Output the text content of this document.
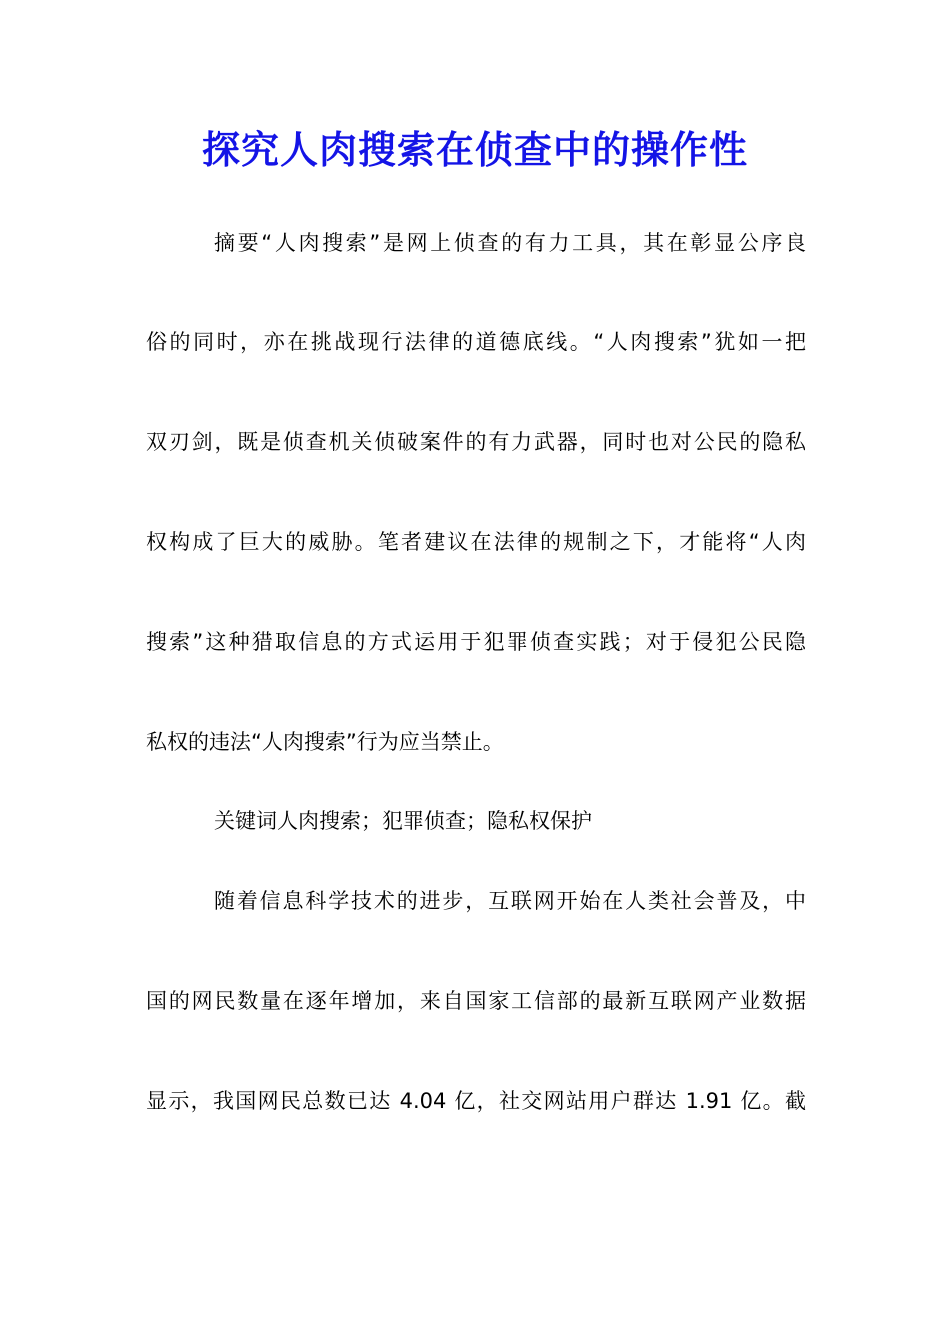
探究人肉搜索在侦查中的操作性

摘要“人肉搜索”是网上侦查的有力工具，其在彰显公序良

俗的同时，亦在挑战现行法律的道德底线。“人肉搜索”犹如一把

双刃剑，既是侦查机关侦破案件的有力武器，同时也对公民的隐私

权构成了巨大的威胁。笔者建议在法律的规制之下，才能将“人肉

搜索”这种猎取信息的方式运用于犯罪侦查实践；对于侵犯公民隐

私权的违法“人肉搜索”行为应当禁止。

关键词人肉搜索；犯罪侦查；隐私权保护

随着信息科学技术的进步，互联网开始在人类社会普及，中

国的网民数量在逐年增加，来自国家工信部的最新互联网产业数据

显示，我国网民总数已达 4.04 亿，社交网站用户群达 1.91 亿。截
